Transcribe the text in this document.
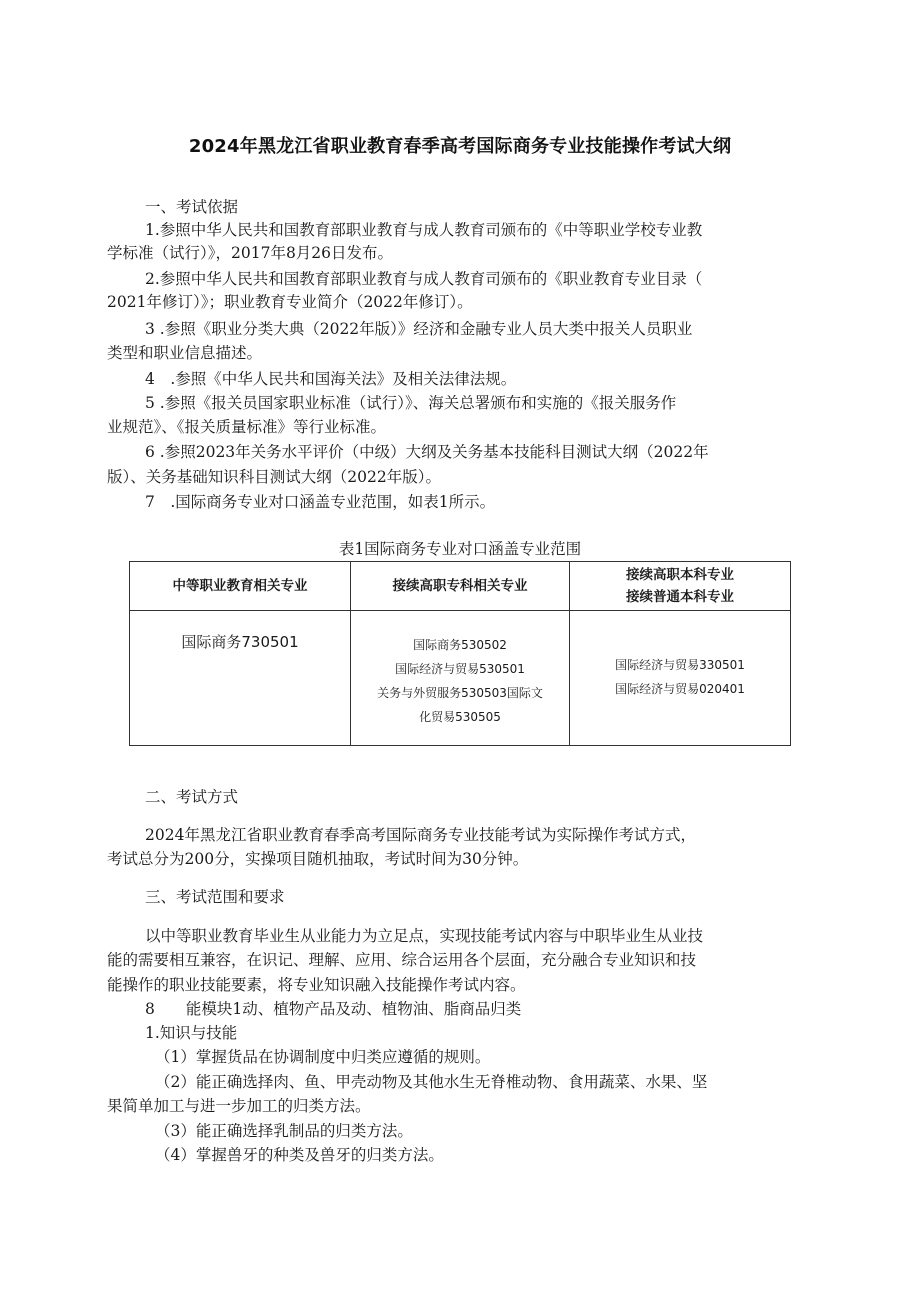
2024年黑龙江省职业教育春季高考国际商务专业技能操作考试大纲
一、考试依据
1.参照中华人民共和国教育部职业教育与成人教育司颁布的《中等职业学校专业教
学标准（试行）》，2017年8月26日发布。
2.参照中华人民共和国教育部职业教育与成人教育司颁布的《职业教育专业目录（
2021年修订）》；职业教育专业简介（2022年修订）。
3 .参照《职业分类大典（2022年版）》经济和金融专业人员大类中报关人员职业
类型和职业信息描述。
4　.参照《中华人民共和国海关法》及相关法律法规。
5 .参照《报关员国家职业标准（试行）》、海关总署颁布和实施的《报关服务作
业规范》、《报关质量标准》等行业标准。
6 .参照2023年关务水平评价（中级）大纲及关务基本技能科目测试大纲（2022年
版）、关务基础知识科目测试大纲（2022年版）。
7　.国际商务专业对口涵盖专业范围，如表1所示。
表1国际商务专业对口涵盖专业范围
中等职业教育相关专业	接续高职专科相关专业	接续高职本科专业
接续普通本科专业

国际商务730501	国际商务530502
国际经济与贸易530501
关务与外贸服务530503国际文
化贸易530505	国际经济与贸易330501
国际经济与贸易020401
二、考试方式
2024年黑龙江省职业教育春季高考国际商务专业技能考试为实际操作考试方式，
考试总分为200分，实操项目随机抽取，考试时间为30分钟。
三、考试范围和要求
以中等职业教育毕业生从业能力为立足点，实现技能考试内容与中职毕业生从业技
能的需要相互兼容，在识记、理解、应用、综合运用各个层面，充分融合专业知识和技
能操作的职业技能要素，将专业知识融入技能操作考试内容。
8　　能模块1动、植物产品及动、植物油、脂商品归类
1.知识与技能
（1）掌握货品在协调制度中归类应遵循的规则。
（2）能正确选择肉、鱼、甲壳动物及其他水生无脊椎动物、食用蔬菜、水果、坚
果简单加工与进一步加工的归类方法。
（3）能正确选择乳制品的归类方法。
（4）掌握兽牙的种类及兽牙的归类方法。
